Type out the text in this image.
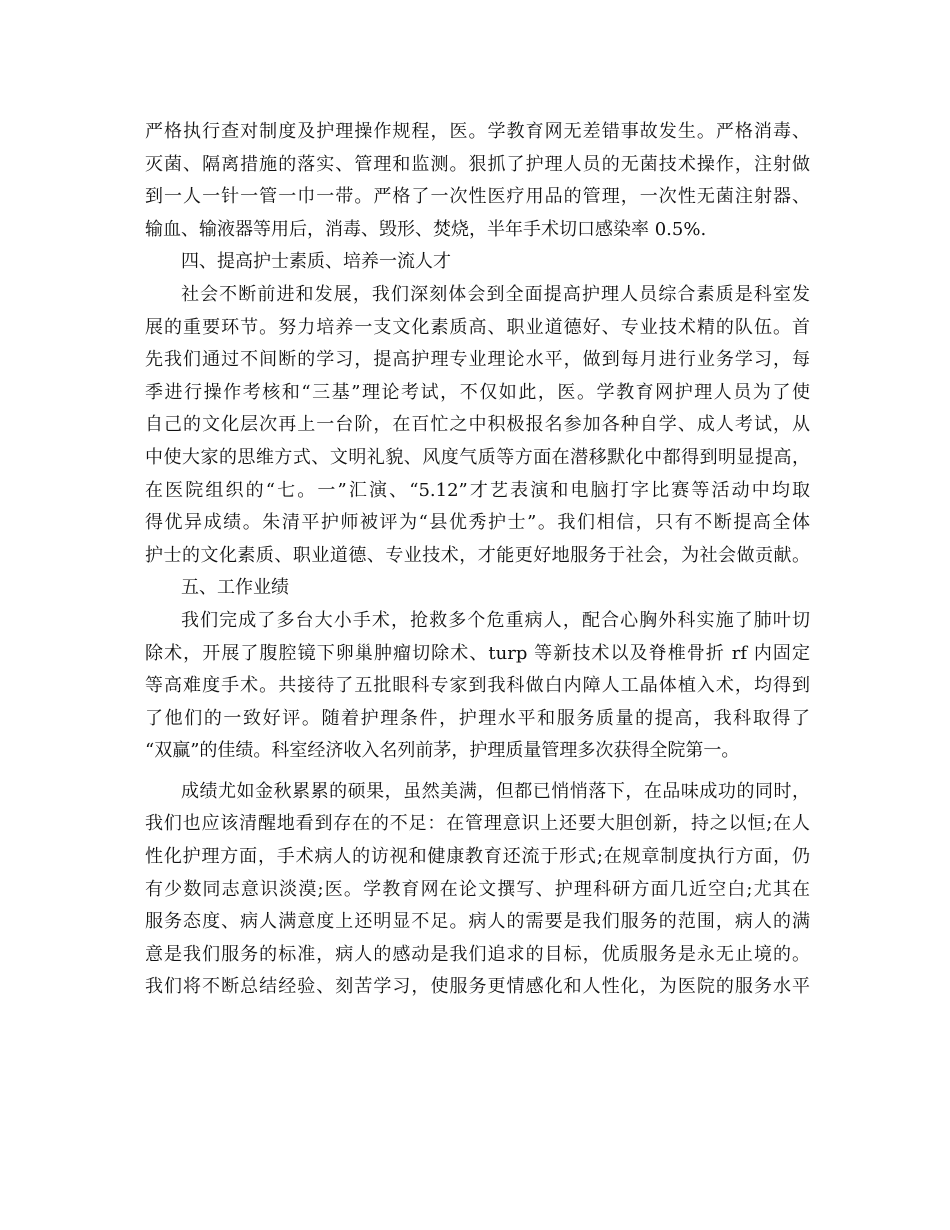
严格执行查对制度及护理操作规程，医。学教育网无差错事故发生。严格消毒、
灭菌、隔离措施的落实、管理和监测。狠抓了护理人员的无菌技术操作，注射做
到一人一针一管一巾一带。严格了一次性医疗用品的管理，一次性无菌注射器、
输血、输液器等用后，消毒、毁形、焚烧，半年手术切口感染率 0.5%.
四、提高护士素质、培养一流人才
社会不断前进和发展，我们深刻体会到全面提高护理人员综合素质是科室发
展的重要环节。努力培养一支文化素质高、职业道德好、专业技术精的队伍。首
先我们通过不间断的学习，提高护理专业理论水平，做到每月进行业务学习，每
季进行操作考核和“三基”理论考试，不仅如此，医。学教育网护理人员为了使
自己的文化层次再上一台阶，在百忙之中积极报名参加各种自学、成人考试，从
中使大家的思维方式、文明礼貌、风度气质等方面在潜移默化中都得到明显提高，
在医院组织的“七。一”汇演、“5.12”才艺表演和电脑打字比赛等活动中均取
得优异成绩。朱清平护师被评为“县优秀护士”。我们相信，只有不断提高全体
护士的文化素质、职业道德、专业技术，才能更好地服务于社会，为社会做贡献。
五、工作业绩
我们完成了多台大小手术，抢救多个危重病人，配合心胸外科实施了肺叶切
除术，开展了腹腔镜下卵巢肿瘤切除术、turp 等新技术以及脊椎骨折 rf 内固定
等高难度手术。共接待了五批眼科专家到我科做白内障人工晶体植入术，均得到
了他们的一致好评。随着护理条件，护理水平和服务质量的提高，我科取得了
“双赢”的佳绩。科室经济收入名列前茅，护理质量管理多次获得全院第一。
成绩尤如金秋累累的硕果，虽然美满，但都已悄悄落下，在品味成功的同时，
我们也应该清醒地看到存在的不足：在管理意识上还要大胆创新，持之以恒;在人
性化护理方面，手术病人的访视和健康教育还流于形式;在规章制度执行方面，仍
有少数同志意识淡漠;医。学教育网在论文撰写、护理科研方面几近空白;尤其在
服务态度、病人满意度上还明显不足。病人的需要是我们服务的范围，病人的满
意是我们服务的标准，病人的感动是我们追求的目标，优质服务是永无止境的。
我们将不断总结经验、刻苦学习，使服务更情感化和人性化，为医院的服务水平
